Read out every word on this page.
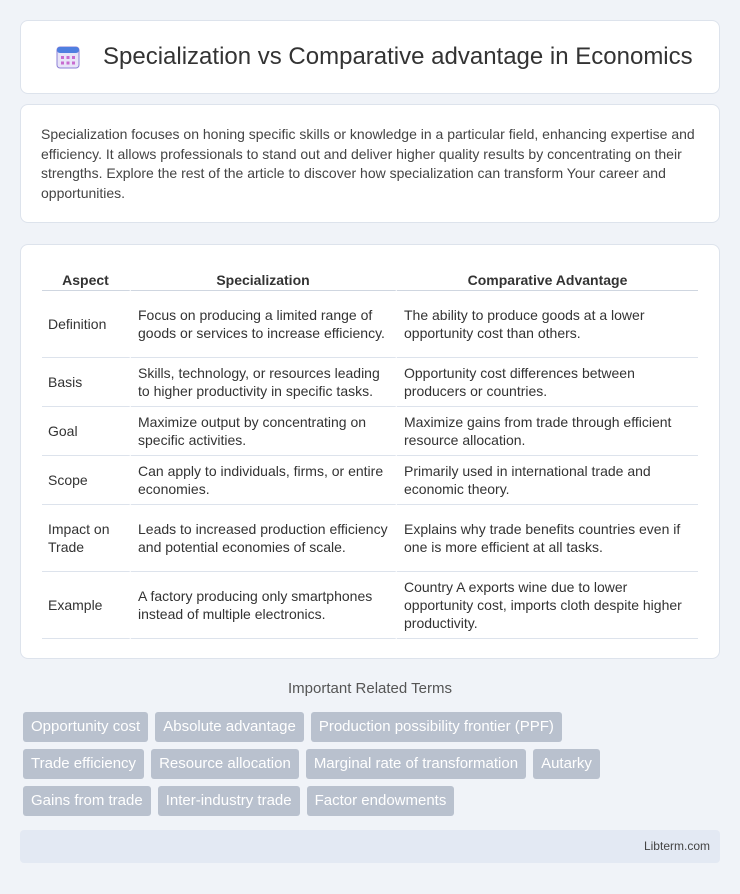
Specialization vs Comparative advantage in Economics

Specialization focuses on honing specific skills or knowledge in a particular field, enhancing expertise and efficiency. It allows professionals to stand out and deliver higher quality results by concentrating on their strengths. Explore the rest of the article to discover how specialization can transform Your career and opportunities.

Aspect	Specialization	Comparative Advantage
Definition	Focus on producing a limited range of goods or services to increase efficiency.	The ability to produce goods at a lower opportunity cost than others.
Basis	Skills, technology, or resources leading to higher productivity in specific tasks.	Opportunity cost differences between producers or countries.
Goal	Maximize output by concentrating on specific activities.	Maximize gains from trade through efficient resource allocation.
Scope	Can apply to individuals, firms, or entire economies.	Primarily used in international trade and economic theory.
Impact on Trade	Leads to increased production efficiency and potential economies of scale.	Explains why trade benefits countries even if one is more efficient at all tasks.
Example	A factory producing only smartphones instead of multiple electronics.	Country A exports wine due to lower opportunity cost, imports cloth despite higher productivity.
Important Related Terms
Opportunity cost	Absolute advantage	Production possibility frontier (PPF)
Trade efficiency	Resource allocation	Marginal rate of transformation	Autarky
Gains from trade	Inter-industry trade	Factor endowments
Libterm.com
